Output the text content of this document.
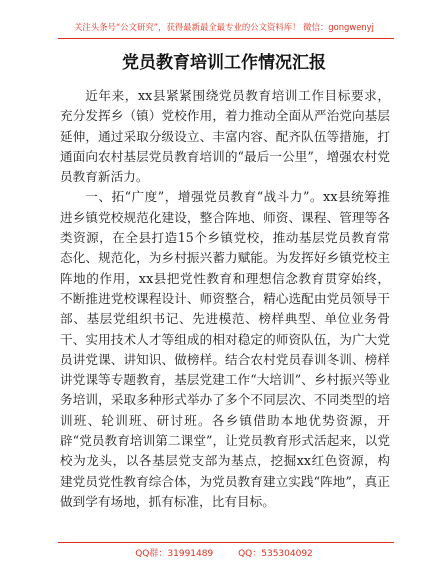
关注头条号“公文研究”，获得最新最全最专业的公文资料库！ 微信：gongwenyj
党员教育培训工作情况汇报

近年来，xx县紧紧围绕党员教育培训工作目标要求，充分发挥乡（镇）党校作用，着力推动全面从严治党向基层延伸，通过采取分级设立、丰富内容、配齐队伍等措施，打通面向农村基层党员教育培训的“最后一公里”，增强农村党员教育新活力。

一、拓“广度”，增强党员教育“战斗力”。xx县统筹推进乡镇党校规范化建设，整合阵地、师资、课程、管理等各类资源，在全县打造15个乡镇党校，推动基层党员教育常态化、规范化，为乡村振兴蓄力赋能。为发挥好乡镇党校主阵地的作用，xx县把党性教育和理想信念教育贯穿始终，不断推进党校课程设计、师资整合，精心选配由党员领导干部、基层党组织书记、先进模范、榜样典型、单位业务骨干、实用技术人才等组成的相对稳定的师资队伍，为广大党员讲党课、讲知识、做榜样。结合农村党员春训冬训、榜样讲党课等专题教育，基层党建工作“大培训”、乡村振兴等业务培训，采取多种形式举办了多个不同层次、不同类型的培训班、轮训班、研讨班。各乡镇借助本地优势资源，开辟“党员教育培训第二课堂”，让党员教育形式活起来，以党校为龙头，以各基层党支部为基点，挖掘xx红色资源，构建党员党性教育综合体，为党员教育建立实践“阵地”，真正做到学有场地，抓有标准，比有目标。

QQ群：31991489	QQ：535304092
